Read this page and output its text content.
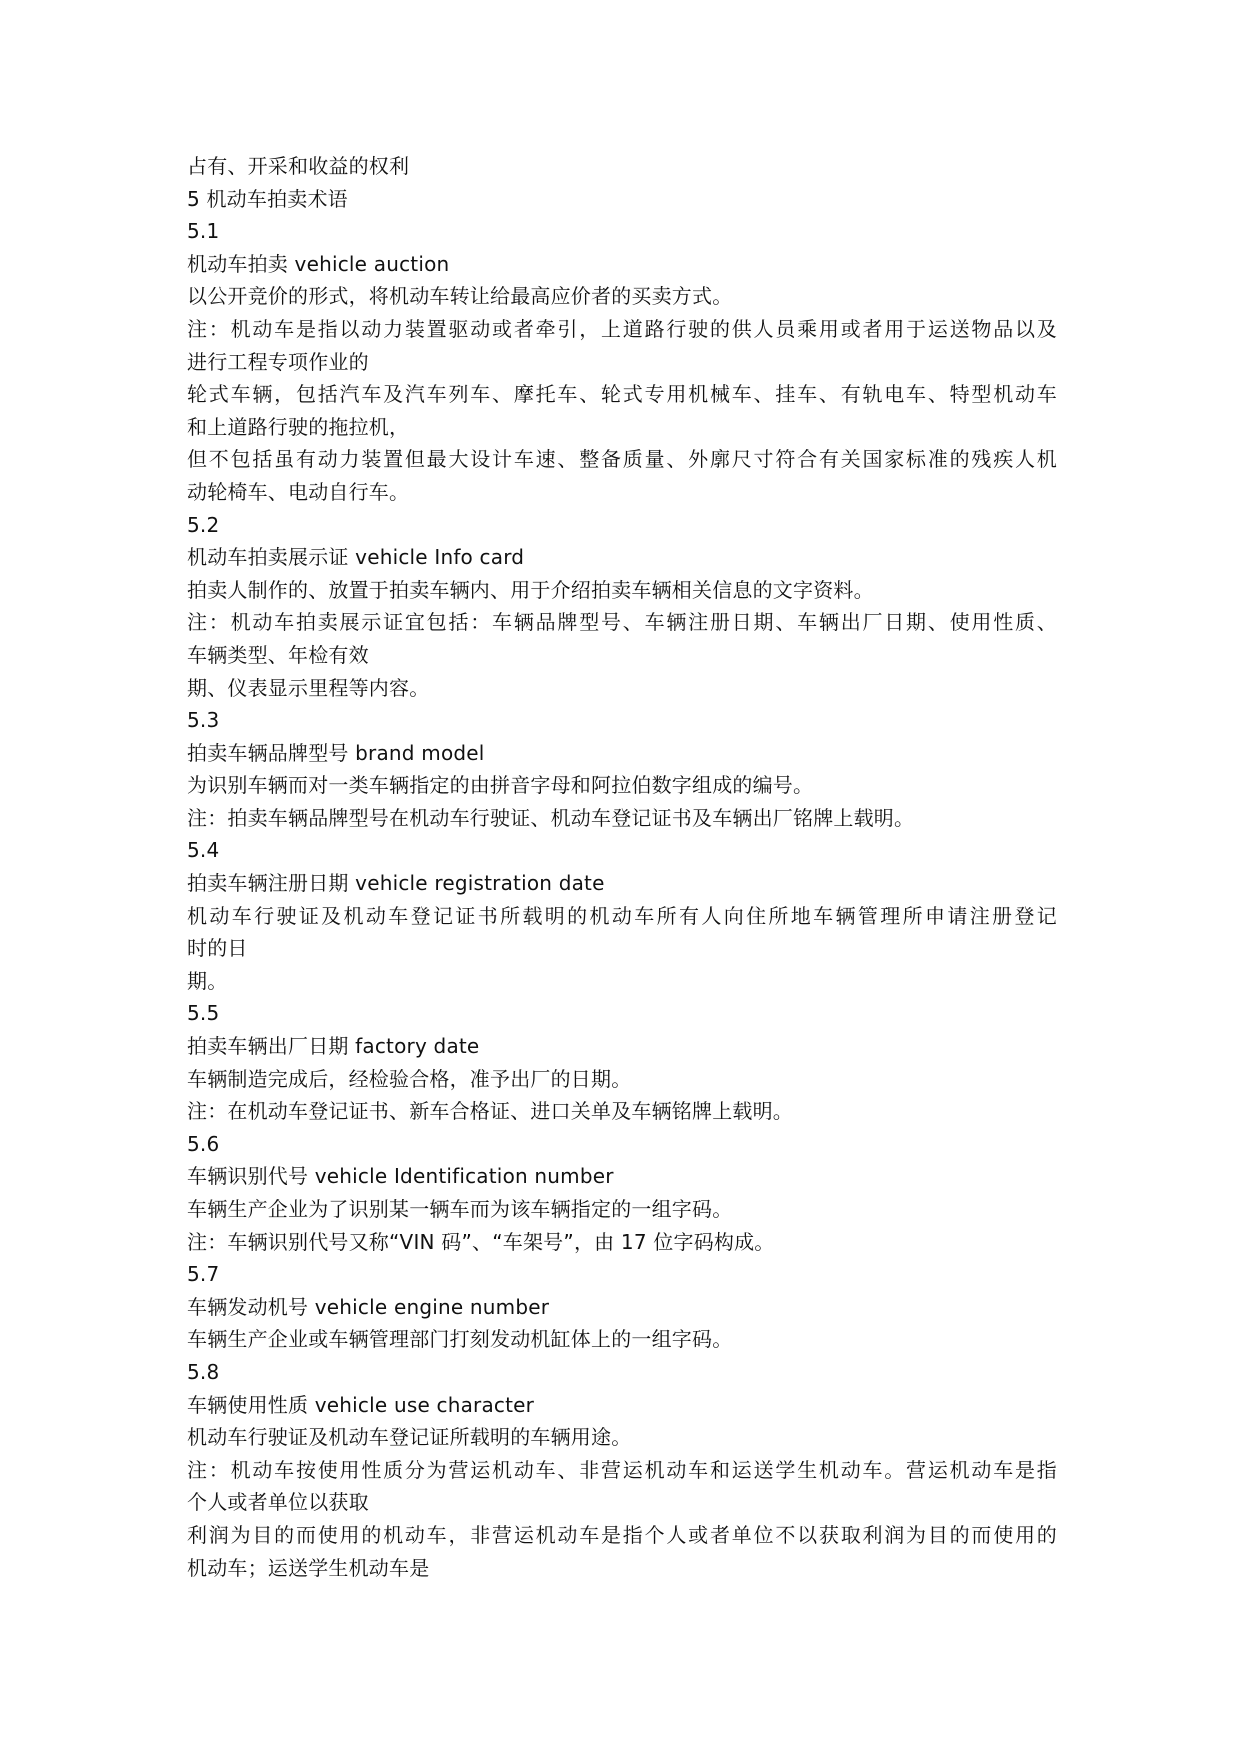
占有、开采和收益的权利
5 机动车拍卖术语
5.1
机动车拍卖 vehicle auction
以公开竞价的形式，将机动车转让给最高应价者的买卖方式。
注：机动车是指以动力装置驱动或者牵引，上道路行驶的供人员乘用或者用于运送物品以及
进行工程专项作业的
轮式车辆，包括汽车及汽车列车、摩托车、轮式专用机械车、挂车、有轨电车、特型机动车
和上道路行驶的拖拉机，
但不包括虽有动力装置但最大设计车速、整备质量、外廓尺寸符合有关国家标准的残疾人机
动轮椅车、电动自行车。
5.2
机动车拍卖展示证 vehicle Info card
拍卖人制作的、放置于拍卖车辆内、用于介绍拍卖车辆相关信息的文字资料。
注：机动车拍卖展示证宜包括：车辆品牌型号、车辆注册日期、车辆出厂日期、使用性质、
车辆类型、年检有效
期、仪表显示里程等内容。
5.3
拍卖车辆品牌型号 brand model
为识别车辆而对一类车辆指定的由拼音字母和阿拉伯数字组成的编号。
注：拍卖车辆品牌型号在机动车行驶证、机动车登记证书及车辆出厂铭牌上载明。
5.4
拍卖车辆注册日期 vehicle registration date
机动车行驶证及机动车登记证书所载明的机动车所有人向住所地车辆管理所申请注册登记
时的日
期。
5.5
拍卖车辆出厂日期 factory date
车辆制造完成后，经检验合格，准予出厂的日期。
注：在机动车登记证书、新车合格证、进口关单及车辆铭牌上载明。
5.6
车辆识别代号 vehicle Identification number
车辆生产企业为了识别某一辆车而为该车辆指定的一组字码。
注：车辆识别代号又称“VIN 码”、“车架号”，由 17 位字码构成。
5.7
车辆发动机号 vehicle engine number
车辆生产企业或车辆管理部门打刻发动机缸体上的一组字码。
5.8
车辆使用性质 vehicle use character
机动车行驶证及机动车登记证所载明的车辆用途。
注：机动车按使用性质分为营运机动车、非营运机动车和运送学生机动车。营运机动车是指
个人或者单位以获取
利润为目的而使用的机动车，非营运机动车是指个人或者单位不以获取利润为目的而使用的
机动车；运送学生机动车是
